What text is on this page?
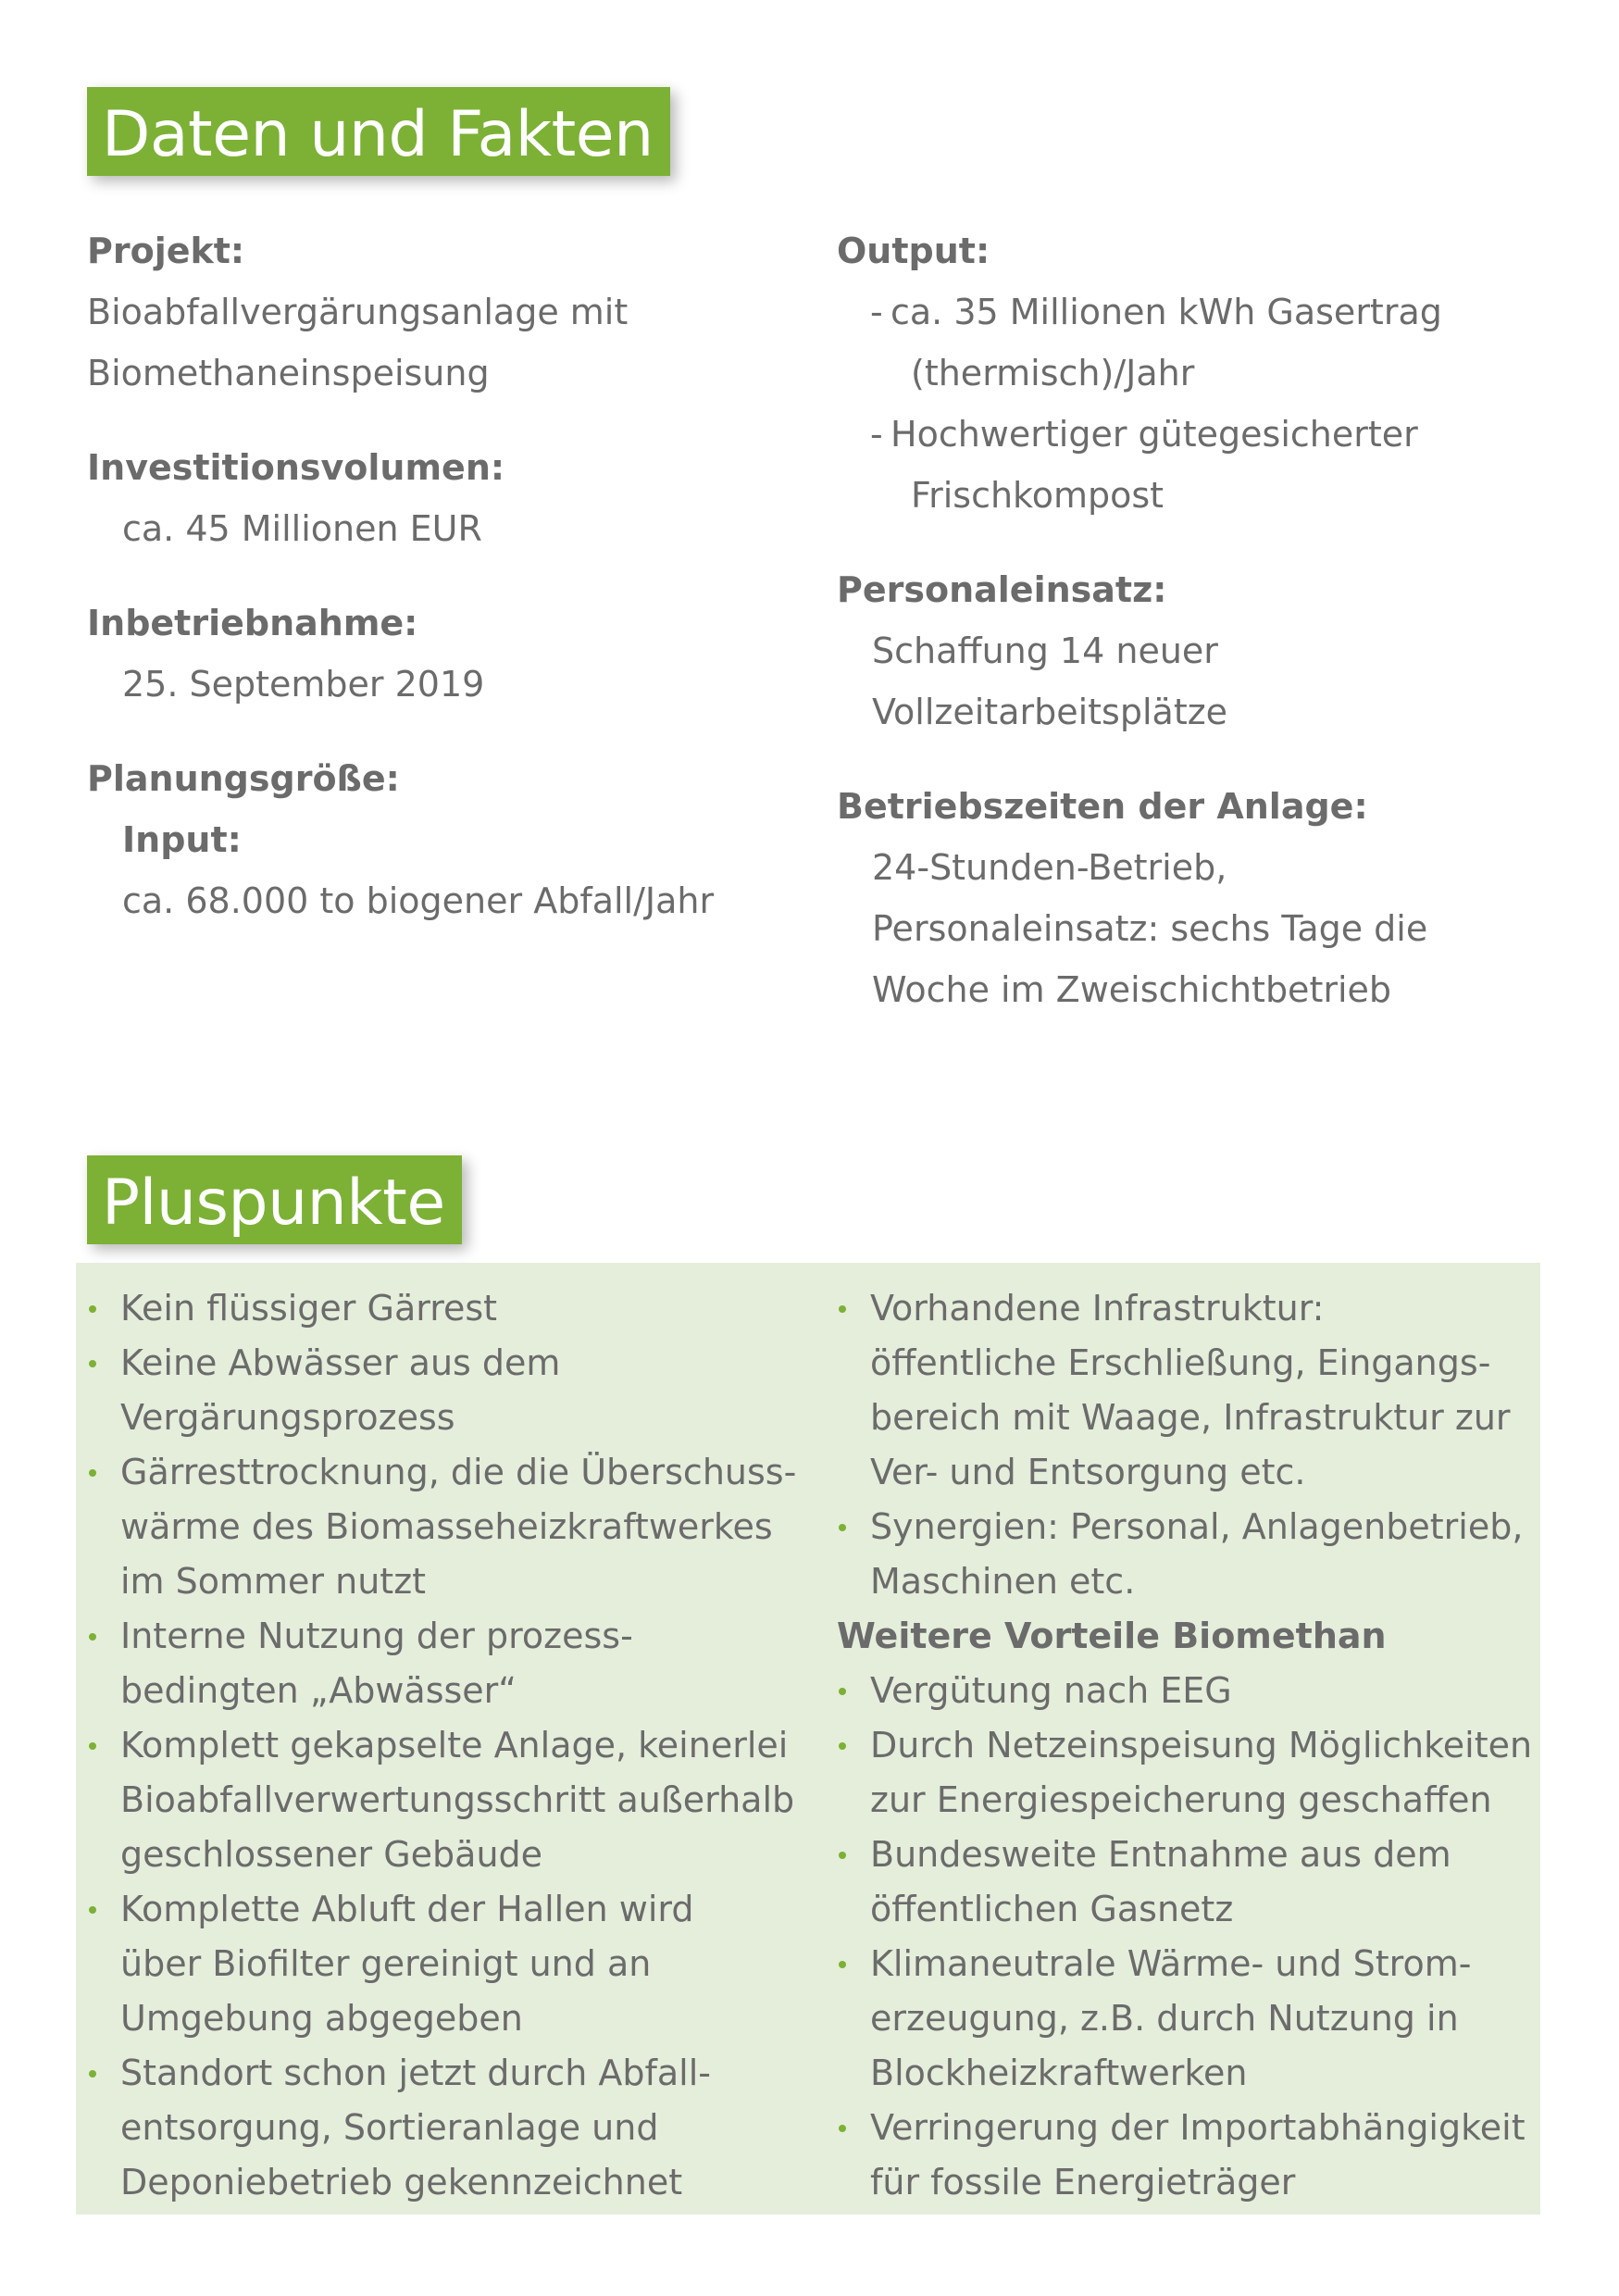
Daten und Fakten
Projekt:
Bioabfallvergärungsanlage mit
Biomethaneinspeisung
Investitionsvolumen:
ca. 45 Millionen EUR
Inbetriebnahme:
25. September 2019
Planungsgröße:
Input:
ca. 68.000 to biogener Abfall/Jahr
Output:
- ca. 35 Millionen kWh Gasertrag
(thermisch)/Jahr
- Hochwertiger gütegesicherter
Frischkompost
Personaleinsatz:
Schaffung 14 neuer
Vollzeitarbeitsplätze
Betriebszeiten der Anlage:
24-Stunden-Betrieb,
Personaleinsatz: sechs Tage die
Woche im Zweischichtbetrieb
Pluspunkte
Kein flüssiger Gärrest
Keine Abwässer aus dem
Vergärungsprozess
Gärresttrocknung, die die Überschuss-
wärme des Biomasseheizkraftwerkes
im Sommer nutzt
Interne Nutzung der prozess-
bedingten „Abwässer“
Komplett gekapselte Anlage, keinerlei
Bioabfallverwertungsschritt außerhalb
geschlossener Gebäude
Komplette Abluft der Hallen wird
über Biofilter gereinigt und an
Umgebung abgegeben
Standort schon jetzt durch Abfall-
entsorgung, Sortieranlage und
Deponiebetrieb gekennzeichnet
Vorhandene Infrastruktur:
öffentliche Erschließung, Eingangs-
bereich mit Waage, Infrastruktur zur
Ver- und Entsorgung etc.
Synergien: Personal, Anlagenbetrieb,
Maschinen etc.
Weitere Vorteile Biomethan
Vergütung nach EEG
Durch Netzeinspeisung Möglichkeiten
zur Energiespeicherung geschaffen
Bundesweite Entnahme aus dem
öffentlichen Gasnetz
Klimaneutrale Wärme- und Strom-
erzeugung, z.B. durch Nutzung in
Blockheizkraftwerken
Verringerung der Importabhängigkeit
für fossile Energieträger
